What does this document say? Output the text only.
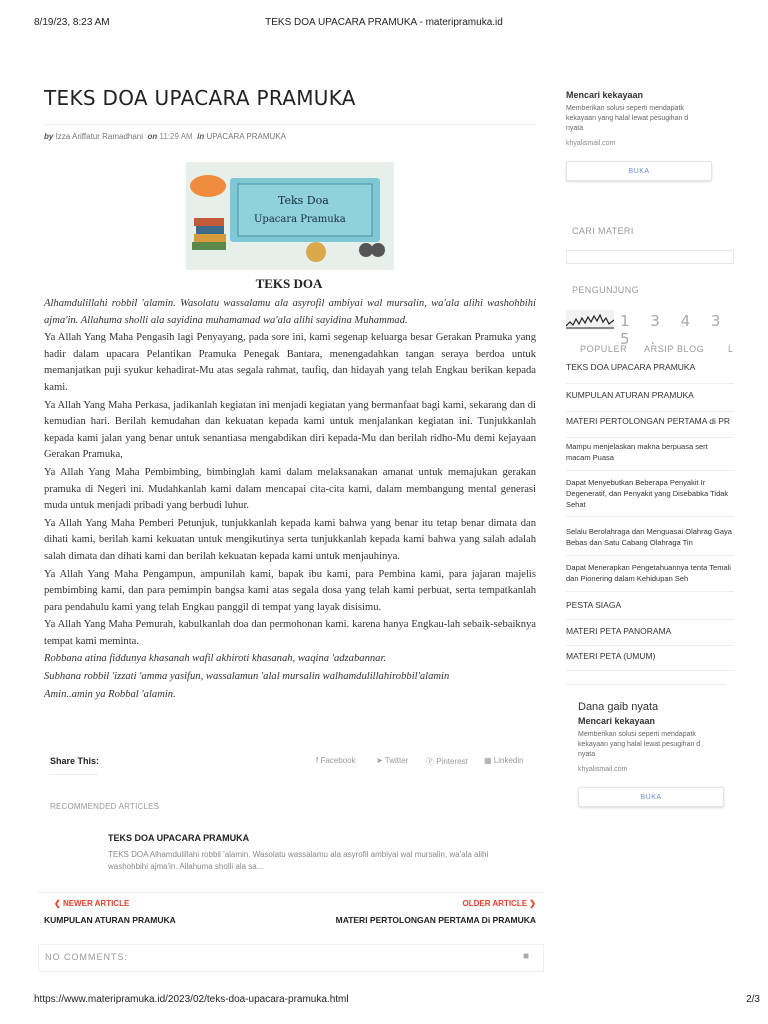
8/19/23, 8:23 AM	TEKS DOA UPACARA PRAMUKA - materipramuka.id
TEKS DOA UPACARA PRAMUKA
by Izza Ariffatur Ramadhani on 11:29 AM in UPACARA PRAMUKA
Teks Doa
Upacara Pramuka
TEKS DOA

Alhamdulillahi robbil 'alamin. Wasolatu wassalamu ala asyrofil ambiyai wal mursalin, wa'ala alihi washohbihi ajma'in. Allahuma sholli ala sayidina muhamamad wa'ala alihi sayidina Muhammad.

Ya Allah Yang Maha Pengasih lagi Penyayang, pada sore ini, kami segenap keluarga besar Gerakan Pramuka yang hadir dalam upacara Pelantikan Pramuka Penegak Bantara, menengadahkan tangan seraya berdoa untuk memanjatkan puji syukur kehadirat-Mu atas segala rahmat, taufiq, dan hidayah yang telah Engkau berikan kepada kami.

Ya Allah Yang Maha Perkasa, jadikanlah kegiatan ini menjadi kegiatan yang bermanfaat bagi kami, sekarang dan di kemudian hari. Berilah kemudahan dan kekuatan kepada kami untuk menjalankan kegiatan ini. Tunjukkanlah kepada kami jalan yang benar untuk senantiasa mengabdikan diri kepada-Mu dan berilah ridho-Mu demi kejayaan Gerakan Pramuka,

Ya Allah Yang Maha Pembimbing, bimbinglah kami dalam melaksanakan amanat untuk memajukan gerakan pramuka di Negeri ini. Mudahkanlah kami dalam mencapai cita-cita kami, dalam membangung mental generasi muda untuk menjadi pribadi yang berbudi luhur.

Ya Allah Yang Maha Pemberi Petunjuk, tunjukkanlah kepada kami bahwa yang benar itu tetap benar dimata dan dihati kami, berilah kami kekuatan untuk mengikutinya serta tunjukkanlah kepada kami bahwa yang salah adalah salah dimata dan dihati kami dan berilah kekuatan kepada kami untuk menjauhinya.

Ya Allah Yang Maha Pengampun, ampunilah kami, bapak ibu kami, para Pembina kami, para jajaran majelis pembimbing kami, dan para pemimpin bangsa kami atas segala dosa yang telah kami perbuat, serta tempatkanlah para pendahulu kami yang telah Engkau panggil di tempat yang layak disisimu.

Ya Allah Yang Maha Pemurah, kabulkanlah doa dan permohonan kami. karena hanya Engkau-lah sebaik-sebaiknya tempat kami meminta.

Robbana atina fiddunya khasanah wafil akhiroti khasanah, waqina 'adzabannar.

Subhana robbil 'izzati 'amma yasifun, wassalamun 'alal mursalin walhamdulillahirobbil'alamin

Amin..amin ya Robbal 'alamin.

Share This:	f Facebook	➤ Twitter Ⓟ Pinterest ▦ Linkedin
RECOMMENDED ARTICLES
TEKS DOA UPACARA PRAMUKA
TEKS DOA Alhamdulillahi robbil 'alamin. Wasolatu wassalamu ala asyrofil ambiyai wal mursalin, wa'ala alihi washohbihi ajma'in. Allahuma sholli ala sa...
❮ NEWER ARTICLE
KUMPULAN ATURAN PRAMUKA
OLDER ARTICLE ❯
MATERI PERTOLONGAN PERTAMA Di PRAMUKA
NO COMMENTS:	■
Mencari kekayaan
Memberikan solusi seperti mendapatk
kekayaan yang halal lewat pesugihan d
nyata
khyalismail.com
BUKA
CARI MATERI
PENGUNJUNG
1 3 4 3 5 .
POPULER ARSIP BLOG	L
TEKS DOA UPACARA PRAMUKA
KUMPULAN ATURAN PRAMUKA
MATERI PERTOLONGAN PERTAMA di PR
Mampu menjelaskan makna berpuasa sert macam Puasa
Dapat Menyebutkan Beberapa Penyakit Ir Degeneratif, dan Penyakit yang Disebabka Tidak Sehat
Selalu Berolahraga dan Menguasai Olahrag Gaya Bebas dan Satu Cabang Olahraga Tin
Dapat Menerapkan Pengetahuannya tenta Temali dan Pionering dalam Kehidupan Seh
PESTA SIAGA
MATERI PETA PANORAMA
MATERI PETA (UMUM)
Dana gaib nyata
Mencari kekayaan
Memberikan solusi seperti mendapatk
kekayaan yang halal lewat pesugihan d
nyata
khyalismail.com
BUKA
https://www.materipramuka.id/2023/02/teks-doa-upacara-pramuka.html	2/3
